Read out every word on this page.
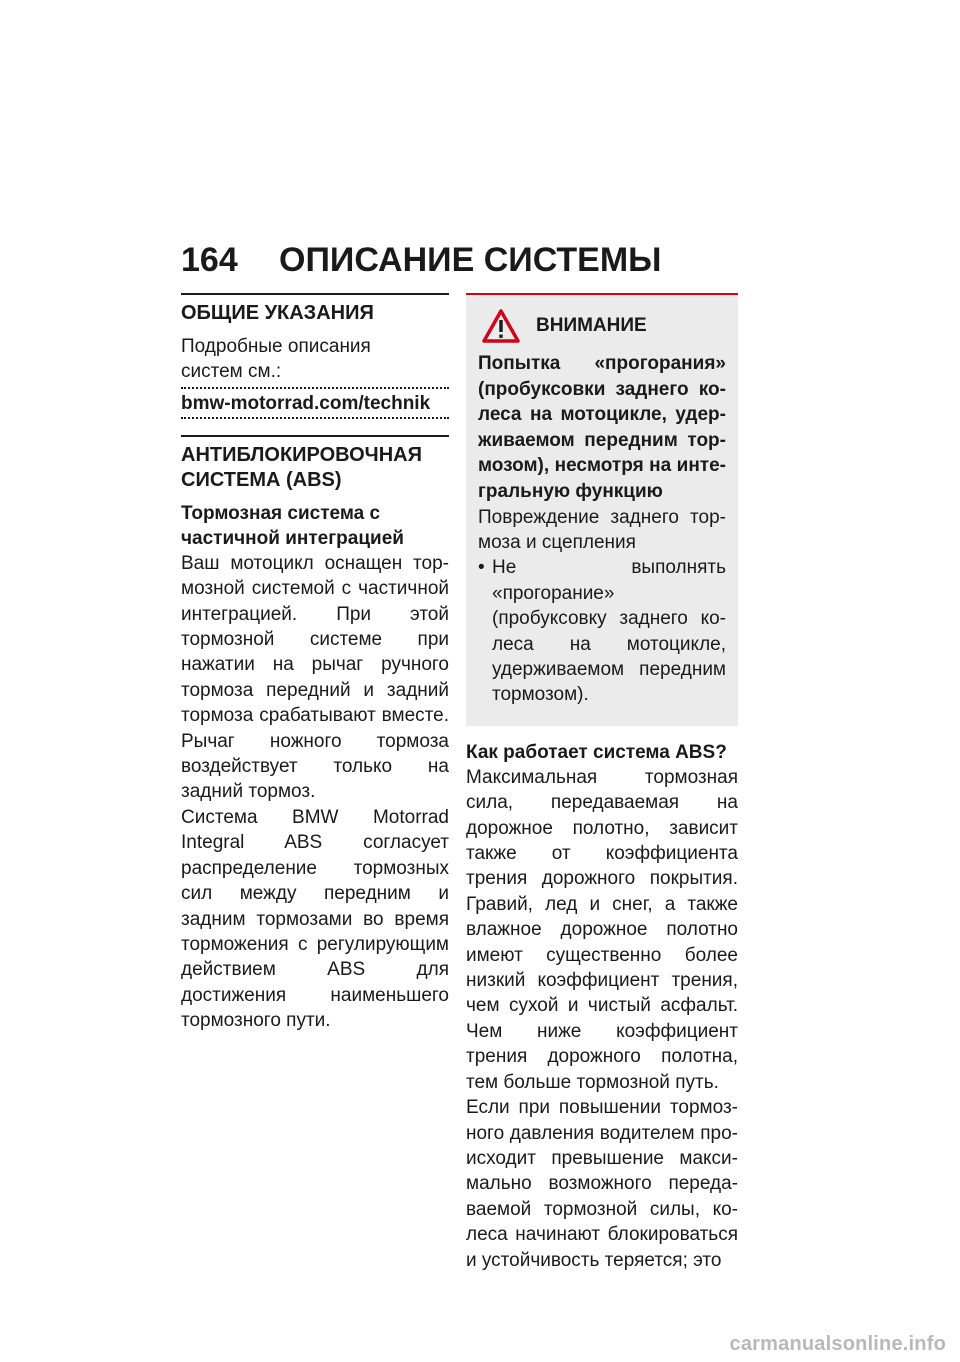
164 ОПИСАНИЕ СИСТЕМЫ
ОБЩИЕ УКАЗАНИЯ

Подробные описания систем см.:

bmw-motorrad.com/technik
АНТИБЛОКИРОВОЧНАЯ
СИСТЕМА (ABS)

Тормозная система с частичной интеграцией

Ваш мотоцикл оснащен тормозной системой с частичной интеграцией. При этой тормозной системе при нажатии на рычаг ручного тормоза передний и задний тормоза срабатывают вместе. Рычаг ножного тормоза воздействует только на задний тормоз.

Система BMW Motorrad Integral ABS согласует распределение тормозных сил между передним и задним тормозами во время торможения с регулирующим действием ABS для достижения наименьшего тормозного пути.

ВНИМАНИЕ

Попытка «прогорания» (пробуксовки заднего колеса на мотоцикле, удерживаемом передним тормозом), несмотря на интегральную функцию

Повреждение заднего тормоза и сцепления

• Не выполнять «прогорание» (пробуксовку заднего колеса на мотоцикле, удерживаемом передним тормозом).

Как работает система ABS?

Максимальная тормозная сила, передаваемая на дорожное полотно, зависит также от коэффициента трения дорожного покрытия. Гравий, лед и снег, а также влажное дорожное полотно имеют существенно более низкий коэффициент трения, чем сухой и чистый асфальт. Чем ниже коэффициент трения дорожного полотна, тем больше тормозной путь.

Если при повышении тормозного давления водителем происходит превышение максимально возможного передаваемой тормозной силы, колеса начинают блокироваться и устойчивость теряется; это

carmanualsonline.info
